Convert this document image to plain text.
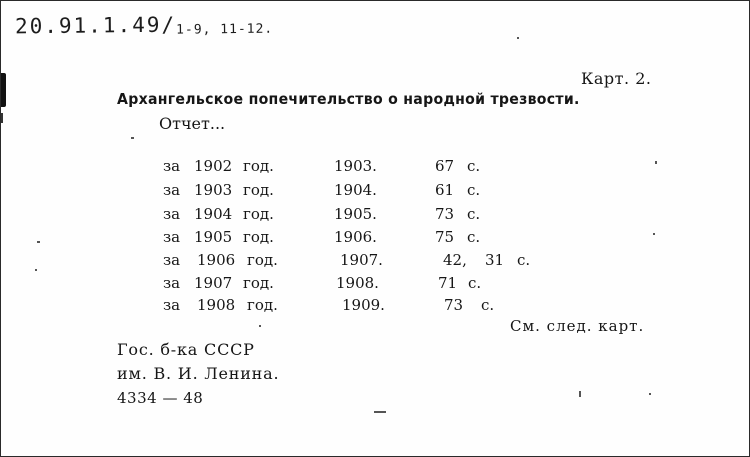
20.91.1.49/1-9, 11-12.
Карт. 2.
Архангельское попечительство о народной трезвости.
Отчет...
за 1902 год.	1903.	67 с.
за 1903 год.	1904.	61 с.
за 1904 год.	1905.	73 с.
за 1905 год.	1906.	75 с.
за 1906 год.	1907.	42, 31 с.
за 1907 год.	1908.	71 с.
за 1908 год.	1909.	73 с.
См. след. карт.
Гос. б-ка СССР
им. В. И. Ленина.
4334 — 48
